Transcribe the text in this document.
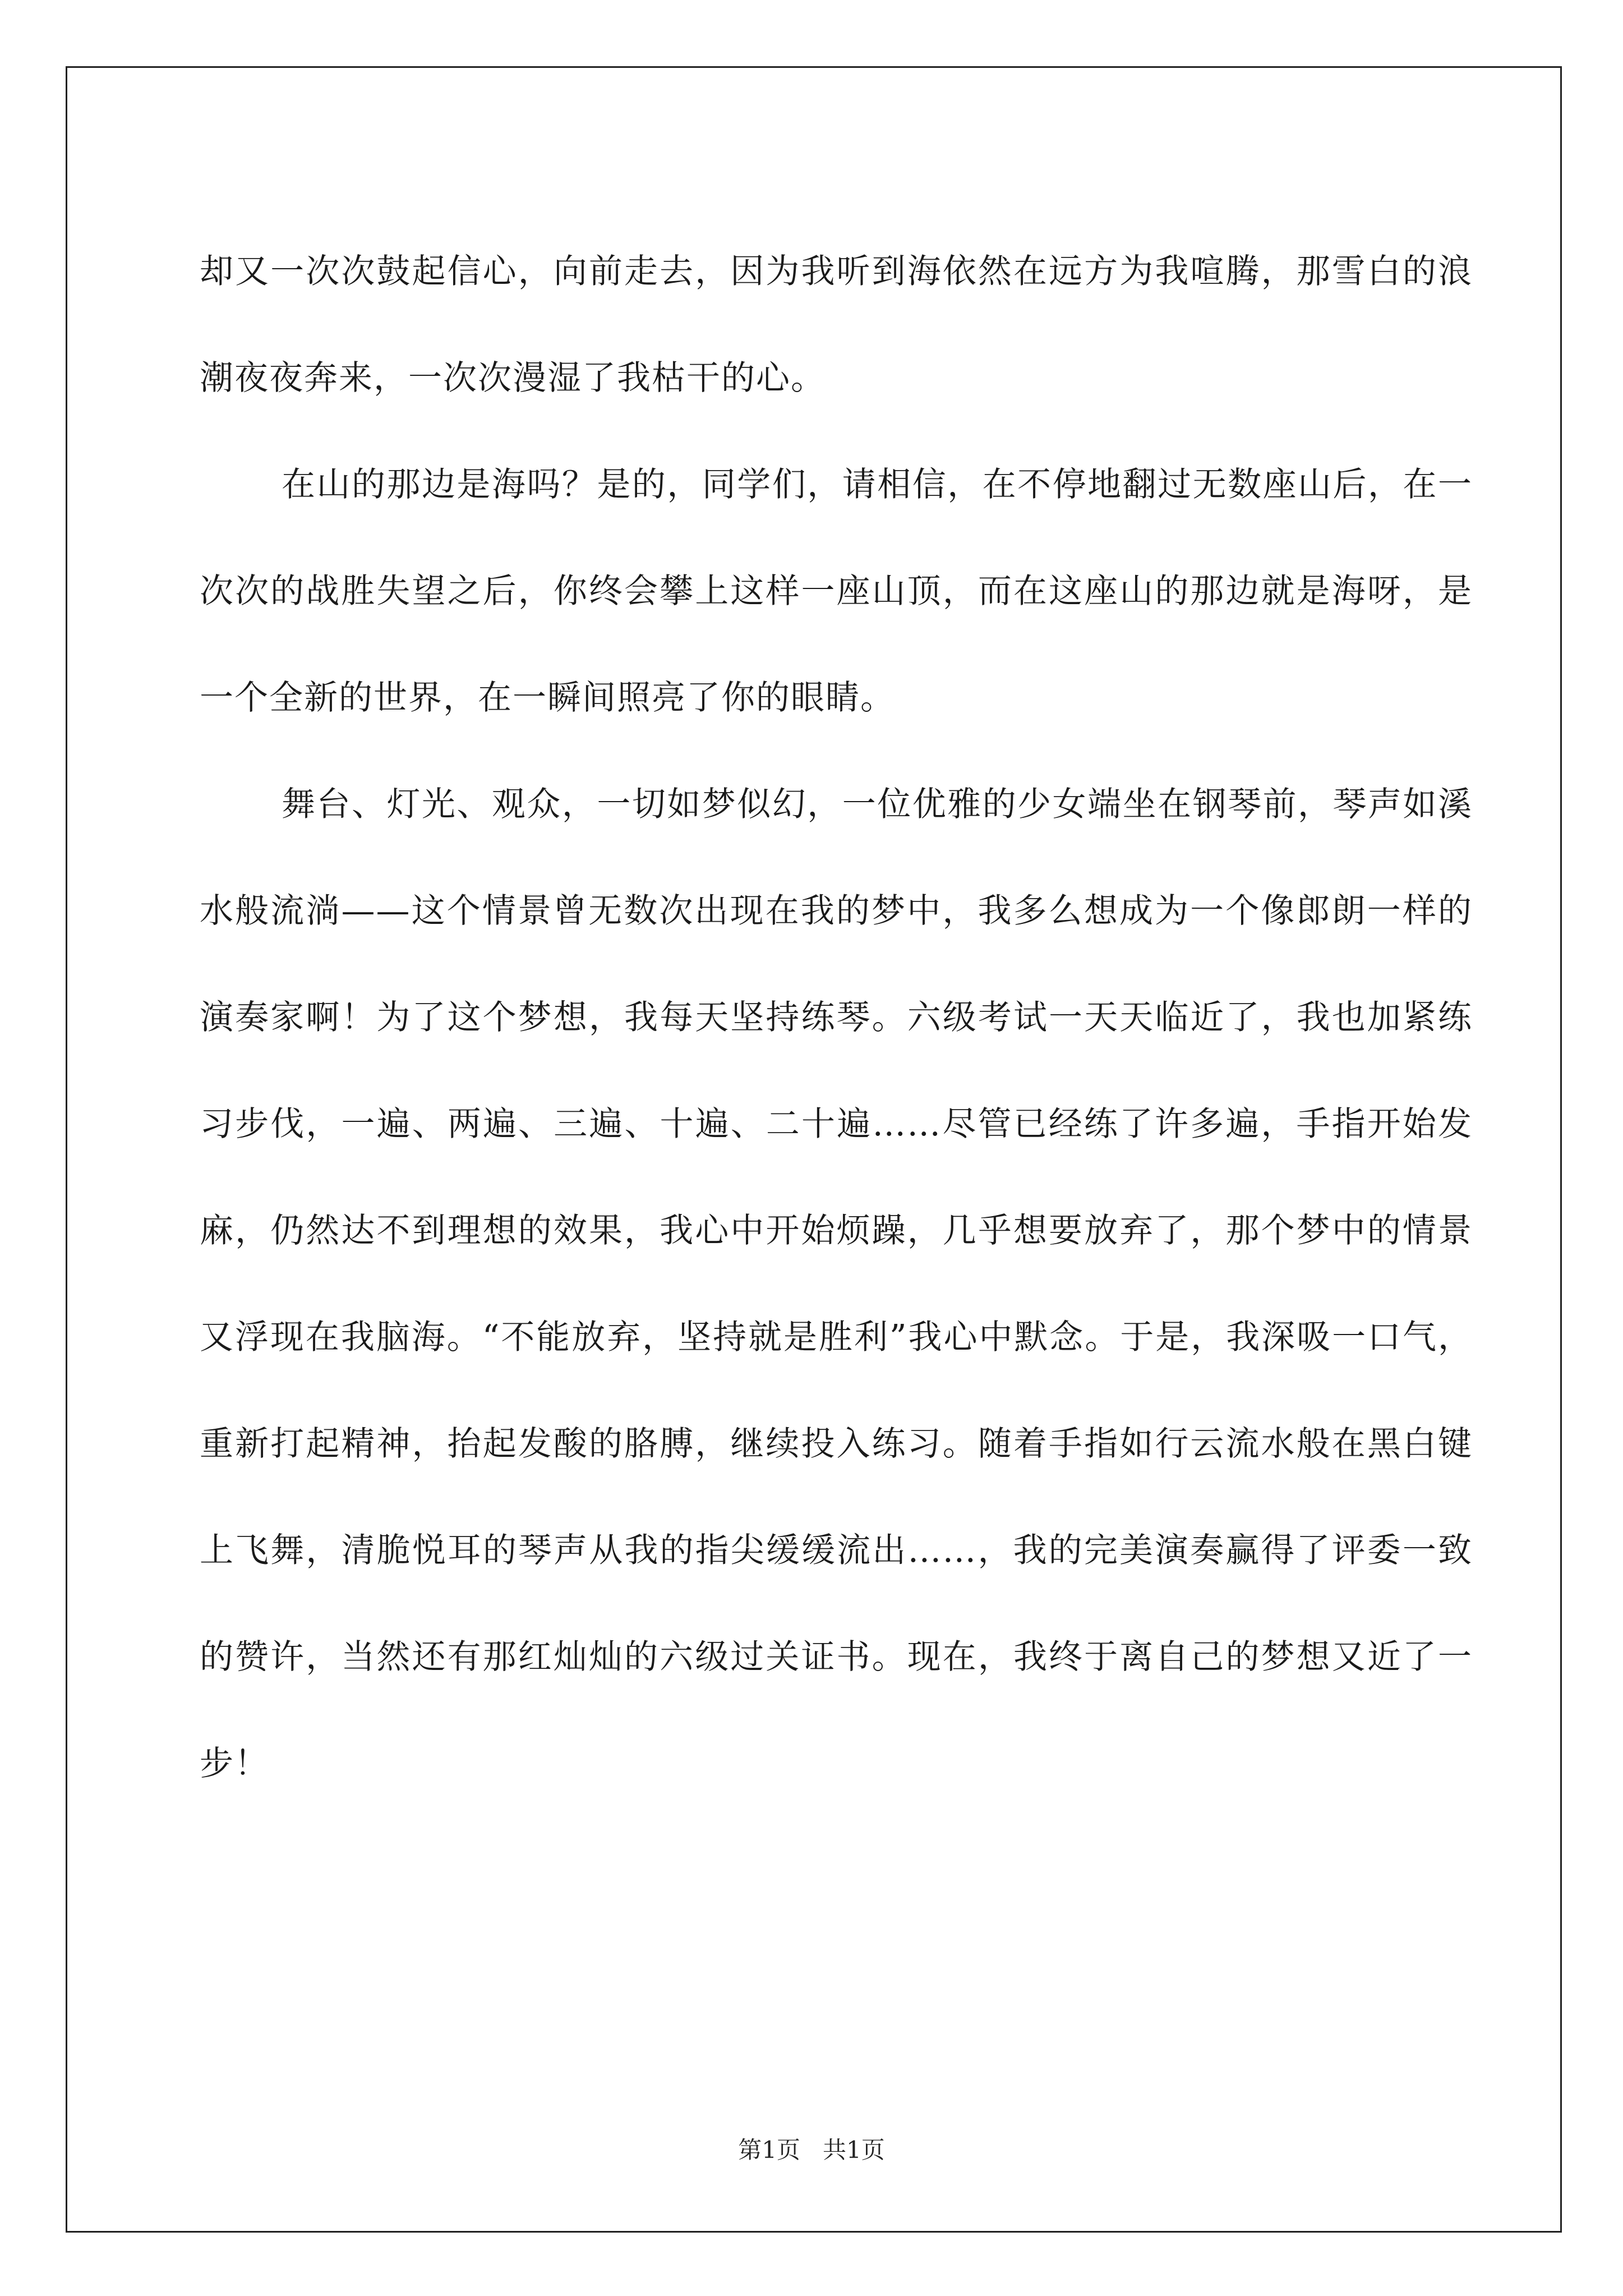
却又一次次鼓起信心，向前走去，因为我听到海依然在远方为我喧腾，那雪白的浪潮夜夜奔来，一次次漫湿了我枯干的心。

在山的那边是海吗？是的，同学们，请相信，在不停地翻过无数座山后，在一次次的战胜失望之后，你终会攀上这样一座山顶，而在这座山的那边就是海呀，是一个全新的世界，在一瞬间照亮了你的眼睛。

舞台、灯光、观众，一切如梦似幻，一位优雅的少女端坐在钢琴前，琴声如溪水般流淌——这个情景曾无数次出现在我的梦中，我多么想成为一个像郎朗一样的演奏家啊！为了这个梦想，我每天坚持练琴。六级考试一天天临近了，我也加紧练习步伐，一遍、两遍、三遍、十遍、二十遍……尽管已经练了许多遍，手指开始发麻，仍然达不到理想的效果，我心中开始烦躁，几乎想要放弃了，那个梦中的情景又浮现在我脑海。“不能放弃，坚持就是胜利”我心中默念。于是，我深吸一口气，重新打起精神，抬起发酸的胳膊，继续投入练习。随着手指如行云流水般在黑白键上飞舞，清脆悦耳的琴声从我的指尖缓缓流出……，我的完美演奏赢得了评委一致的赞许，当然还有那红灿灿的六级过关证书。现在，我终于离自己的梦想又近了一步！

第1页 共1页
